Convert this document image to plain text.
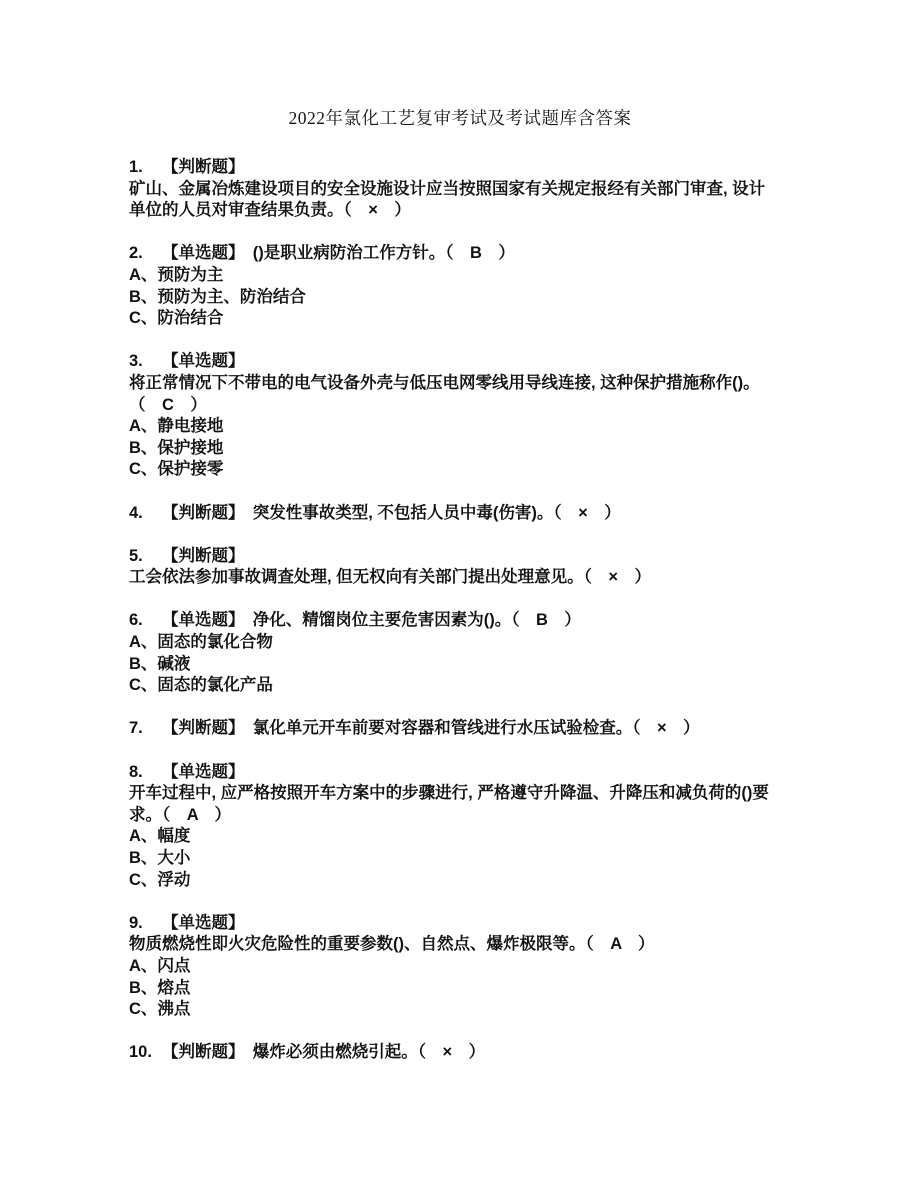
2022年氯化工艺复审考试及考试题库含答案
1. 【判断题】
矿山、金属冶炼建设项目的安全设施设计应当按照国家有关规定报经有关部门审查, 设计
单位的人员对审查结果负责。（　×　）
2. 【单选题】　()是职业病防治工作方针。（　B　）
A、预防为主
B、预防为主、防治结合
C、防治结合
3. 【单选题】
将正常情况下不带电的电气设备外壳与低压电网零线用导线连接, 这种保护措施称作()。
（　C　）
A、静电接地
B、保护接地
C、保护接零
4. 【判断题】　突发性事故类型, 不包括人员中毒(伤害)。（　×　）
5. 【判断题】
工会依法参加事故调查处理, 但无权向有关部门提出处理意见。（　×　）
6. 【单选题】　净化、精馏岗位主要危害因素为()。（　B　）
A、固态的氯化合物
B、碱液
C、固态的氯化产品
7. 【判断题】　氯化单元开车前要对容器和管线进行水压试验检查。（　×　）
8. 【单选题】
开车过程中, 应严格按照开车方案中的步骤进行, 严格遵守升降温、升降压和减负荷的()要
求。（　A　）
A、幅度
B、大小
C、浮动
9. 【单选题】
物质燃烧性即火灾危险性的重要参数()、自然点、爆炸极限等。（　A　）
A、闪点
B、熔点
C、沸点
10. 【判断题】　爆炸必须由燃烧引起。（　×　）
